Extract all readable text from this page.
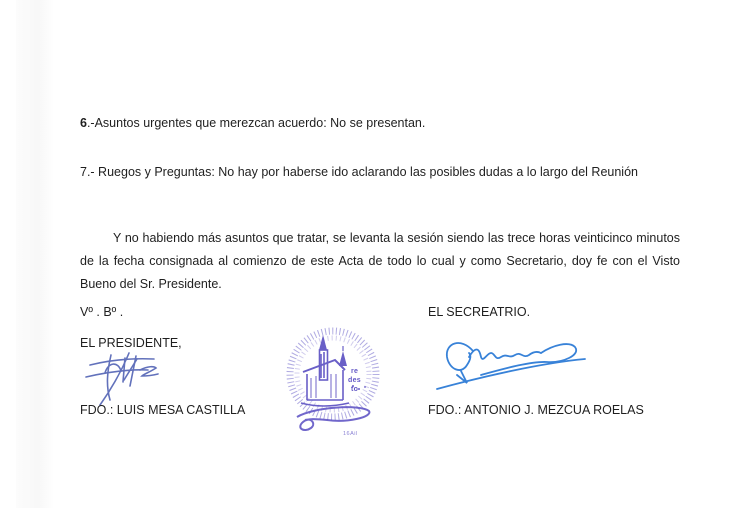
6.-Asuntos urgentes que merezcan acuerdo: No se presentan.
7.- Ruegos y Preguntas: No hay por haberse ido aclarando las posibles dudas a lo largo del Reunión
Y no habiendo más asuntos que tratar, se levanta la sesión siendo las trece horas veinticinco minutos de la fecha consignada al comienzo de este Acta de todo lo cual y como Secretario, doy fe con el Visto Bueno del Sr. Presidente.
Vº . Bº .	EL SECREATRIO.
EL PRESIDENTE,
re
des
to
16Ail
FDO.: LUIS MESA CASTILLA	FDO.: ANTONIO J. MEZCUA ROELAS
